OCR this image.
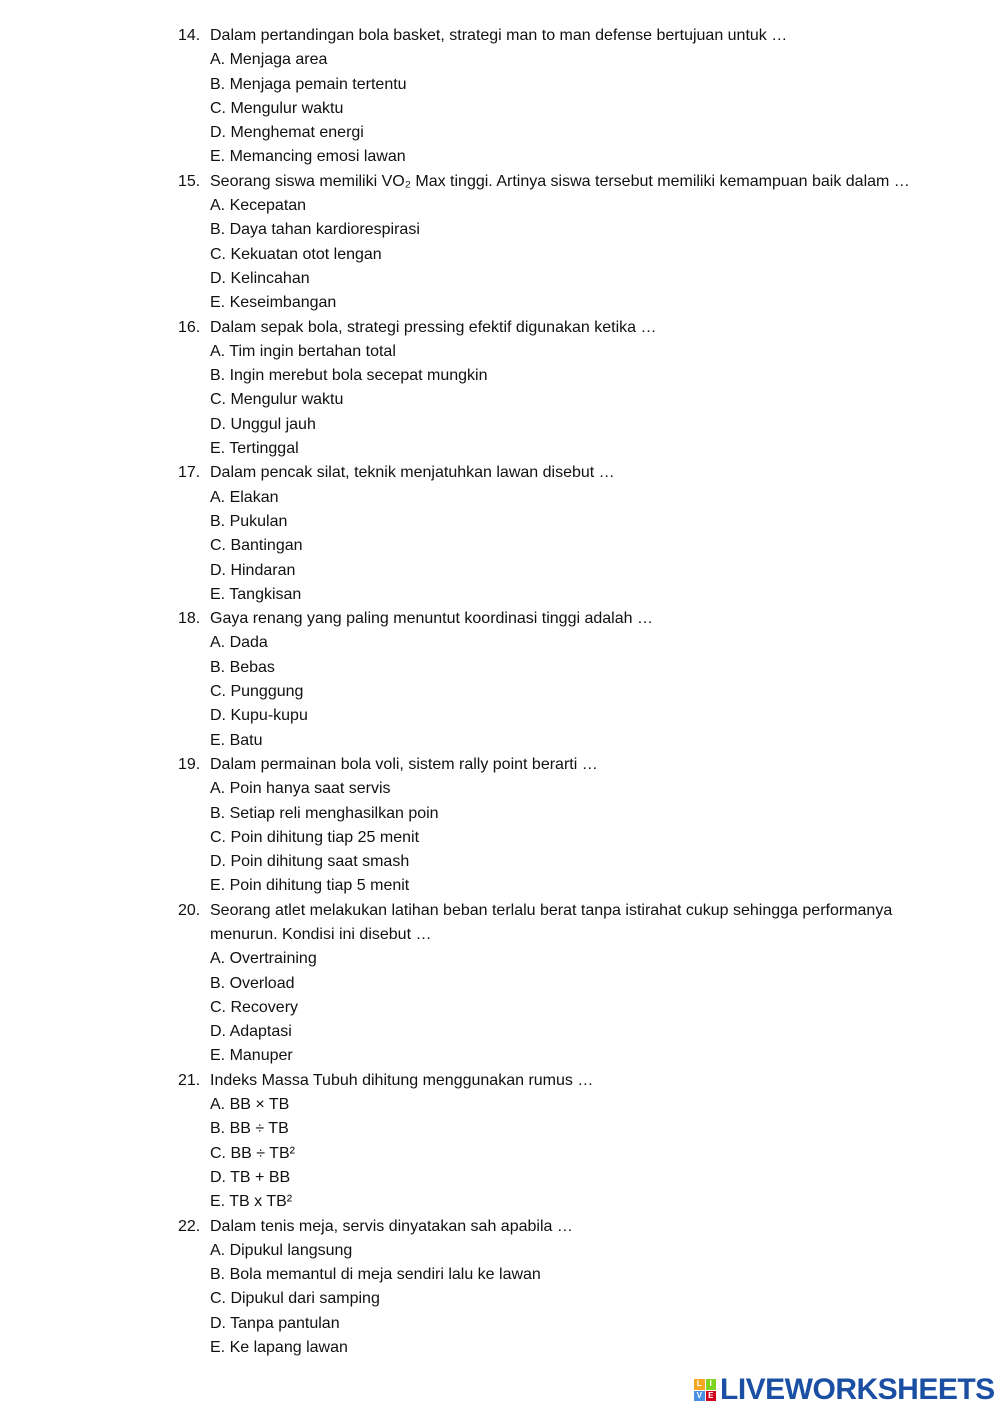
14. Dalam pertandingan bola basket, strategi man to man defense bertujuan untuk …
A. Menjaga area
B. Menjaga pemain tertentu
C. Mengulur waktu
D. Menghemat energi
E. Memancing emosi lawan
15. Seorang siswa memiliki VO₂ Max tinggi. Artinya siswa tersebut memiliki kemampuan baik dalam …
A. Kecepatan
B. Daya tahan kardiorespirasi
C. Kekuatan otot lengan
D. Kelincahan
E. Keseimbangan
16. Dalam sepak bola, strategi pressing efektif digunakan ketika …
A. Tim ingin bertahan total
B. Ingin merebut bola secepat mungkin
C. Mengulur waktu
D. Unggul jauh
E. Tertinggal
17. Dalam pencak silat, teknik menjatuhkan lawan disebut …
A. Elakan
B. Pukulan
C. Bantingan
D. Hindaran
E. Tangkisan
18. Gaya renang yang paling menuntut koordinasi tinggi adalah …
A. Dada
B. Bebas
C. Punggung
D. Kupu-kupu
E. Batu
19. Dalam permainan bola voli, sistem rally point berarti …
A. Poin hanya saat servis
B. Setiap reli menghasilkan poin
C. Poin dihitung tiap 25 menit
D. Poin dihitung saat smash
E. Poin dihitung tiap 5 menit
20. Seorang atlet melakukan latihan beban terlalu berat tanpa istirahat cukup sehingga performanya menurun. Kondisi ini disebut …
A. Overtraining
B. Overload
C. Recovery
D. Adaptasi
E. Manuper
21. Indeks Massa Tubuh dihitung menggunakan rumus …
A. BB × TB
B. BB ÷ TB
C. BB ÷ TB²
D. TB + BB
E. TB x TB²
22. Dalam tenis meja, servis dinyatakan sah apabila …
A. Dipukul langsung
B. Bola memantul di meja sendiri lalu ke lawan
C. Dipukul dari samping
D. Tanpa pantulan
E. Ke lapang lawan
L I
V E LIVEWORKSHEETS
